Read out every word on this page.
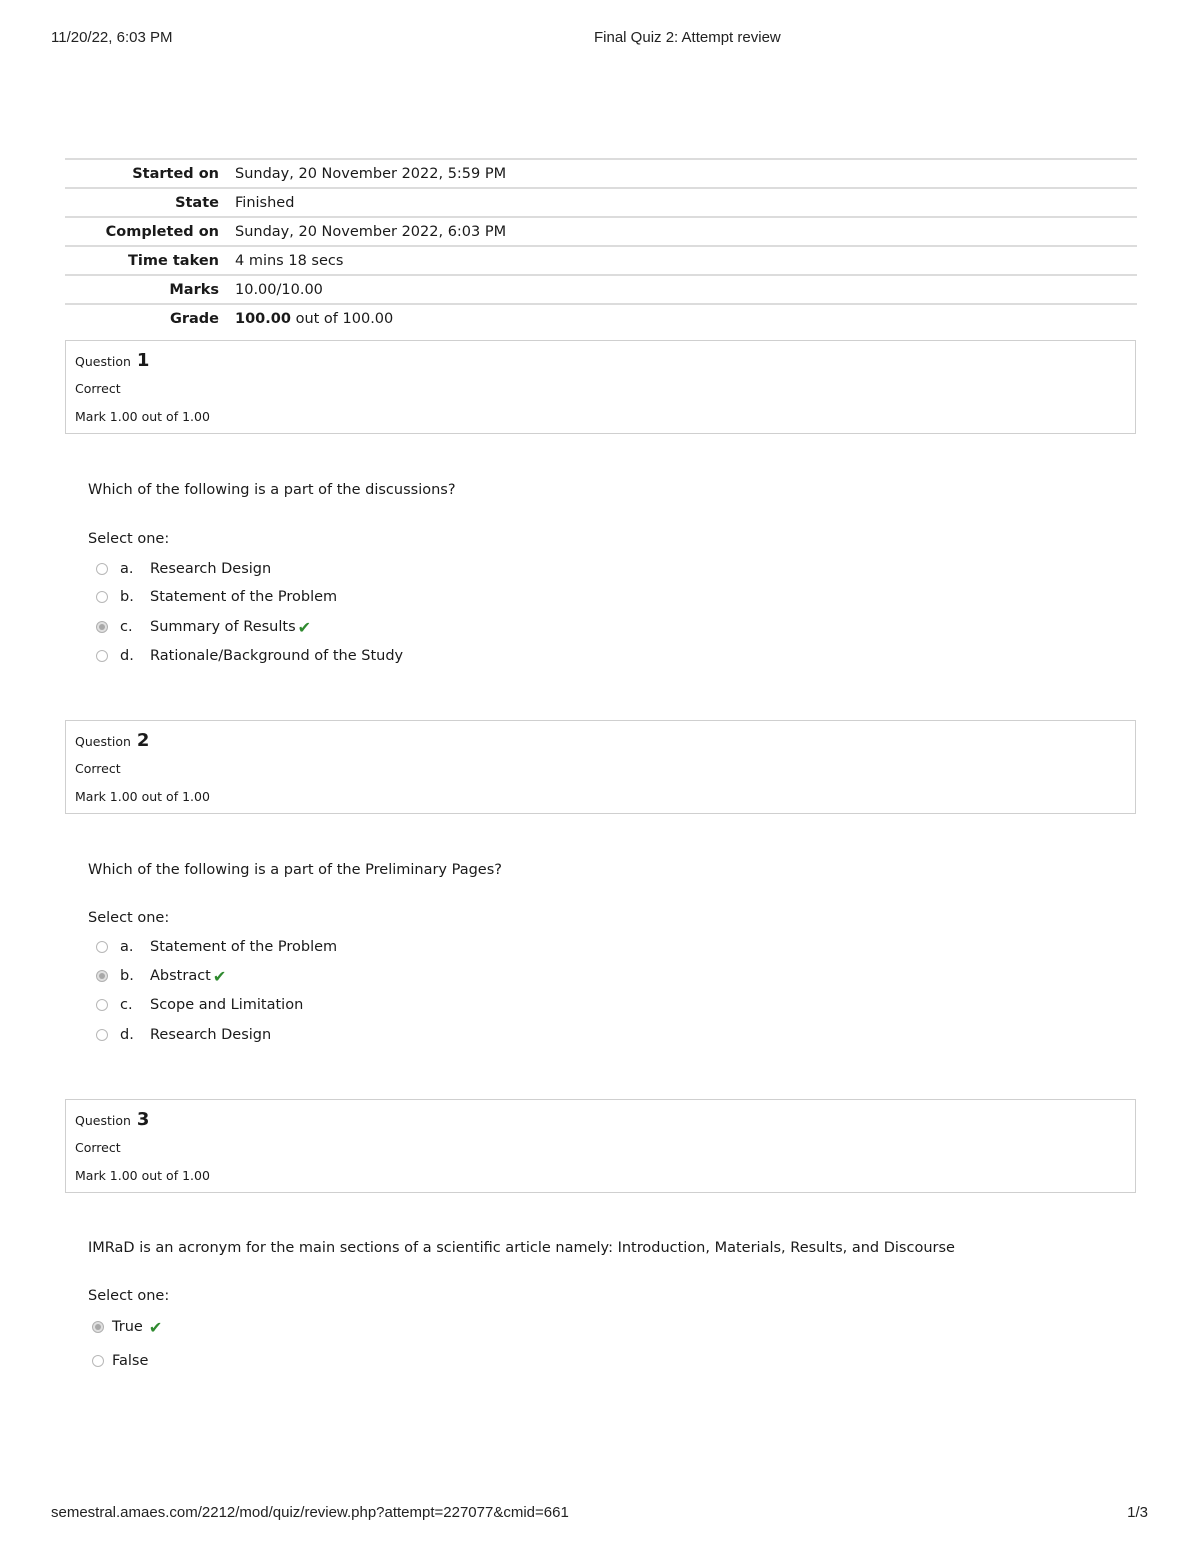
11/20/22, 6:03 PM	Final Quiz 2: Attempt review
Started on	Sunday, 20 November 2022, 5:59 PM
State	Finished
Completed on	Sunday, 20 November 2022, 6:03 PM
Time taken	4 mins 18 secs
Marks	10.00/10.00
Grade	100.00 out of 100.00
Question 1
Correct
Mark 1.00 out of 1.00
Which of the following is a part of the discussions?
Select one:
a.	Research Design
b.	Statement of the Problem
c.	Summary of Results ✔
d.	Rationale/Background of the Study
Question 2
Correct
Mark 1.00 out of 1.00
Which of the following is a part of the Preliminary Pages?
Select one:
a.	Statement of the Problem
b.	Abstract ✔
c.	Scope and Limitation
d.	Research Design
Question 3
Correct
Mark 1.00 out of 1.00
IMRaD is an acronym for the main sections of a scientific article namely: Introduction, Materials, Results, and Discourse
Select one:
True ✔
False
semestral.amaes.com/2212/mod/quiz/review.php?attempt=227077&cmid=661	1/3
